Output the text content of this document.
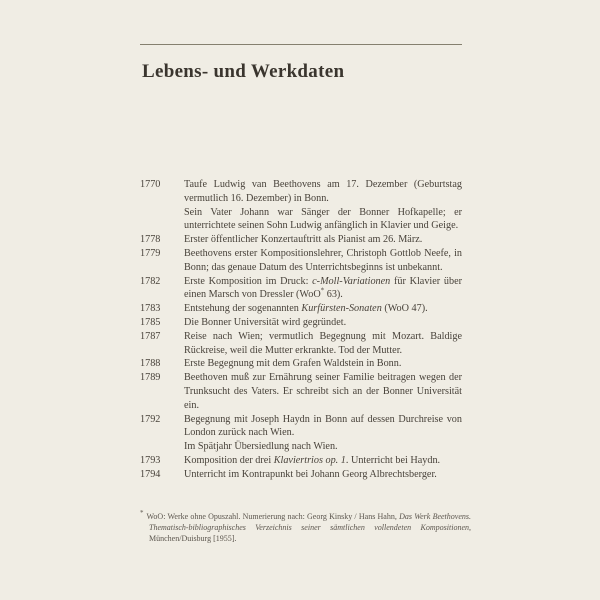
Lebens- und Werkdaten
1770	Taufe Ludwig van Beethovens am 17. Dezember (Geburtstag vermutlich 16. Dezember) in Bonn.

Sein Vater Johann war Sänger der Bonner Hofkapelle; er unterrichtete seinen Sohn Ludwig anfänglich in Klavier und Geige.

1778	Erster öffentlicher Konzertauftritt als Pianist am 26. März.

1779	Beethovens erster Kompositionslehrer, Christoph Gottlob Neefe, in Bonn; das genaue Datum des Unterrichtsbeginns ist unbekannt.

1782	Erste Komposition im Druck: c-Moll-Variationen für Klavier über einen Marsch von Dressler (WoO* 63).

1783	Entstehung der sogenannten Kurfürsten-Sonaten (WoO 47).

1785	Die Bonner Universität wird gegründet.

1787	Reise nach Wien; vermutlich Begegnung mit Mozart. Baldige Rückreise, weil die Mutter erkrankte. Tod der Mutter.

1788	Erste Begegnung mit dem Grafen Waldstein in Bonn.

1789	Beethoven muß zur Ernährung seiner Familie beitragen wegen der Trunksucht des Vaters. Er schreibt sich an der Bonner Universität ein.

1792	Begegnung mit Joseph Haydn in Bonn auf dessen Durchreise von London zurück nach Wien.

Im Spätjahr Übersiedlung nach Wien.

1793	Komposition der drei Klaviertrios op. 1. Unterricht bei Haydn.

1794	Unterricht im Kontrapunkt bei Johann Georg Albrechtsberger.

* WoO: Werke ohne Opuszahl. Numerierung nach: Georg Kinsky / Hans Hahn, Das Werk Beethovens. Thematisch-bibliographisches Verzeichnis seiner sämtlichen vollendeten Kompositionen, München/Duisburg [1955].
